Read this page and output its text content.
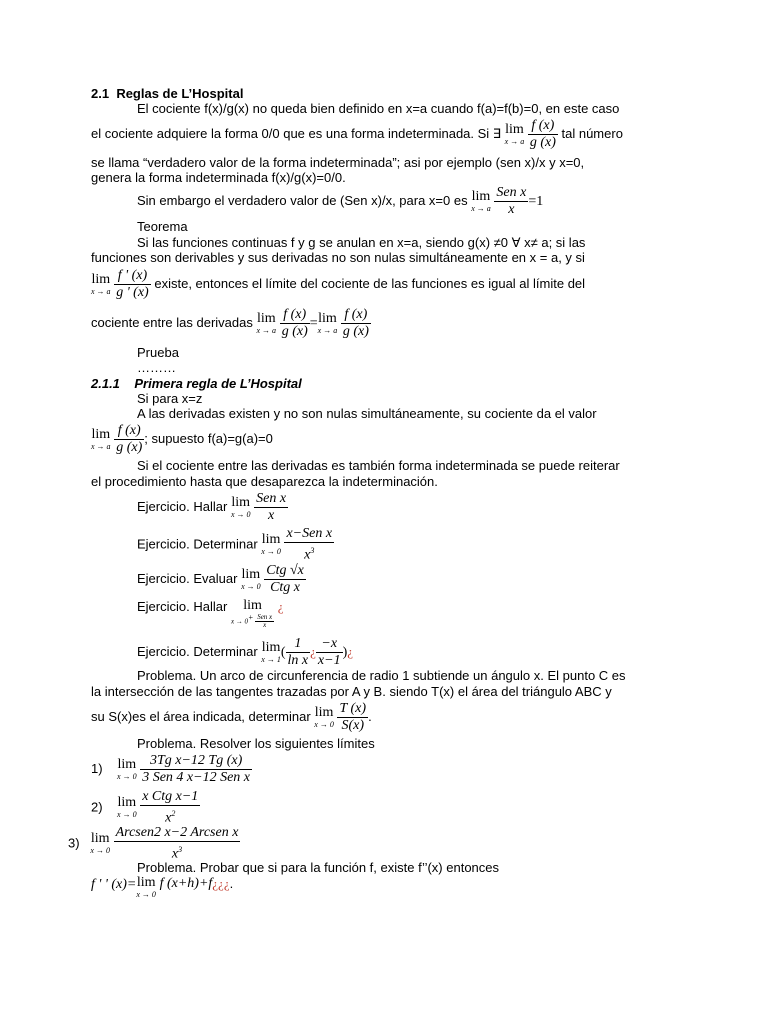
2.1 Reglas de L’Hospital
El cociente f(x)/g(x) no queda bien definido en x=a cuando f(a)=f(b)=0, en este caso
el cociente adquiere la forma 0/0 que es una forma indeterminada. Si ∃ lim
x → a
$\frac{f (x)}{g (x)}$ tal número
se llama “verdadero valor de la forma indeterminada”; asi por ejemplo (sen x)/x y x=0,
genera la forma indeterminada f(x)/g(x)=0/0.
Sin embargo el verdadero valor de (Sen x)/x, para x=0 es lim
x → a
$\frac{\text{Sen x}}{x} =1$
Teorema
Si las funciones continuas f y g se anulan en x=a, siendo g(x) ≠0 ∀ x≠ a; si las
funciones son derivables y sus derivadas no son nulas simultáneamente en x = a, y si
lim
x → a
$\frac{f ' (x)}{g ' (x)}$ existe, entonces el límite del cociente de las funciones es igual al límite del
cociente entre las derivadas lim
x → a
$\frac{f (x)}{g (x)} = \lim$
x → a
$\frac{f (x)}{g (x)}$
Prueba
………
2.1.1 Primera regla de L’Hospital
Si para x=z
A las derivadas existen y no son nulas simultáneamente, su cociente da el valor
lim
x → a
$\frac{f (x)}{g (x)}$ ; supuesto f(a)=g(a)=0
Si el cociente entre las derivadas es también forma indeterminada se puede reiterar
el procedimiento hasta que desaparezca la indeterminación.
Ejercicio. Hallar lim
x → 0
$\frac{\text{Sen x}}{x}$
Ejercicio. Determinar lim
x → 0
$\frac{\text{x−Sen x}}{x^3}$
Ejercicio. Evaluar lim
x → 0
$\frac{\text{Ctg √x}}{\text{Ctg x}}$
Ejercicio. Hallar	lim
$x \to 0^+ \frac{\text{Sen x}}{x}$
¿
Ejercicio. Determinar lim
x → 1 ( $\frac{1}{\text{ln x}}$ ¿ $\frac{-x}{x-1}$ )¿
Problema. Un arco de circunferencia de radio 1 subtiende un ángulo x. El punto C es
la intersección de las tangentes trazadas por A y B. siendo T(x) el área del triángulo ABC y
su S(x)es el área indicada, determinar lim
x → 0
$\frac{T (x)}{S(x)}$ .
Problema. Resolver los siguientes límites
1) lim
x → 0
$\frac{\text{3Tg x−12 Tg (x)}}{\text{3 Sen 4 x−12 Sen x}}$
2) lim
x → 0
$\frac{\text{x Ctg x−1}}{x^2}$
3) lim
x → 0
$\frac{\text{Arcsen2 x−2 Arcsen x}}{x^3}$
Problema. Probar que si para la función f, existe f’’(x) entonces
f ' ' (x)= lim
x → 0
f (x+h)+f¿¿¿.
